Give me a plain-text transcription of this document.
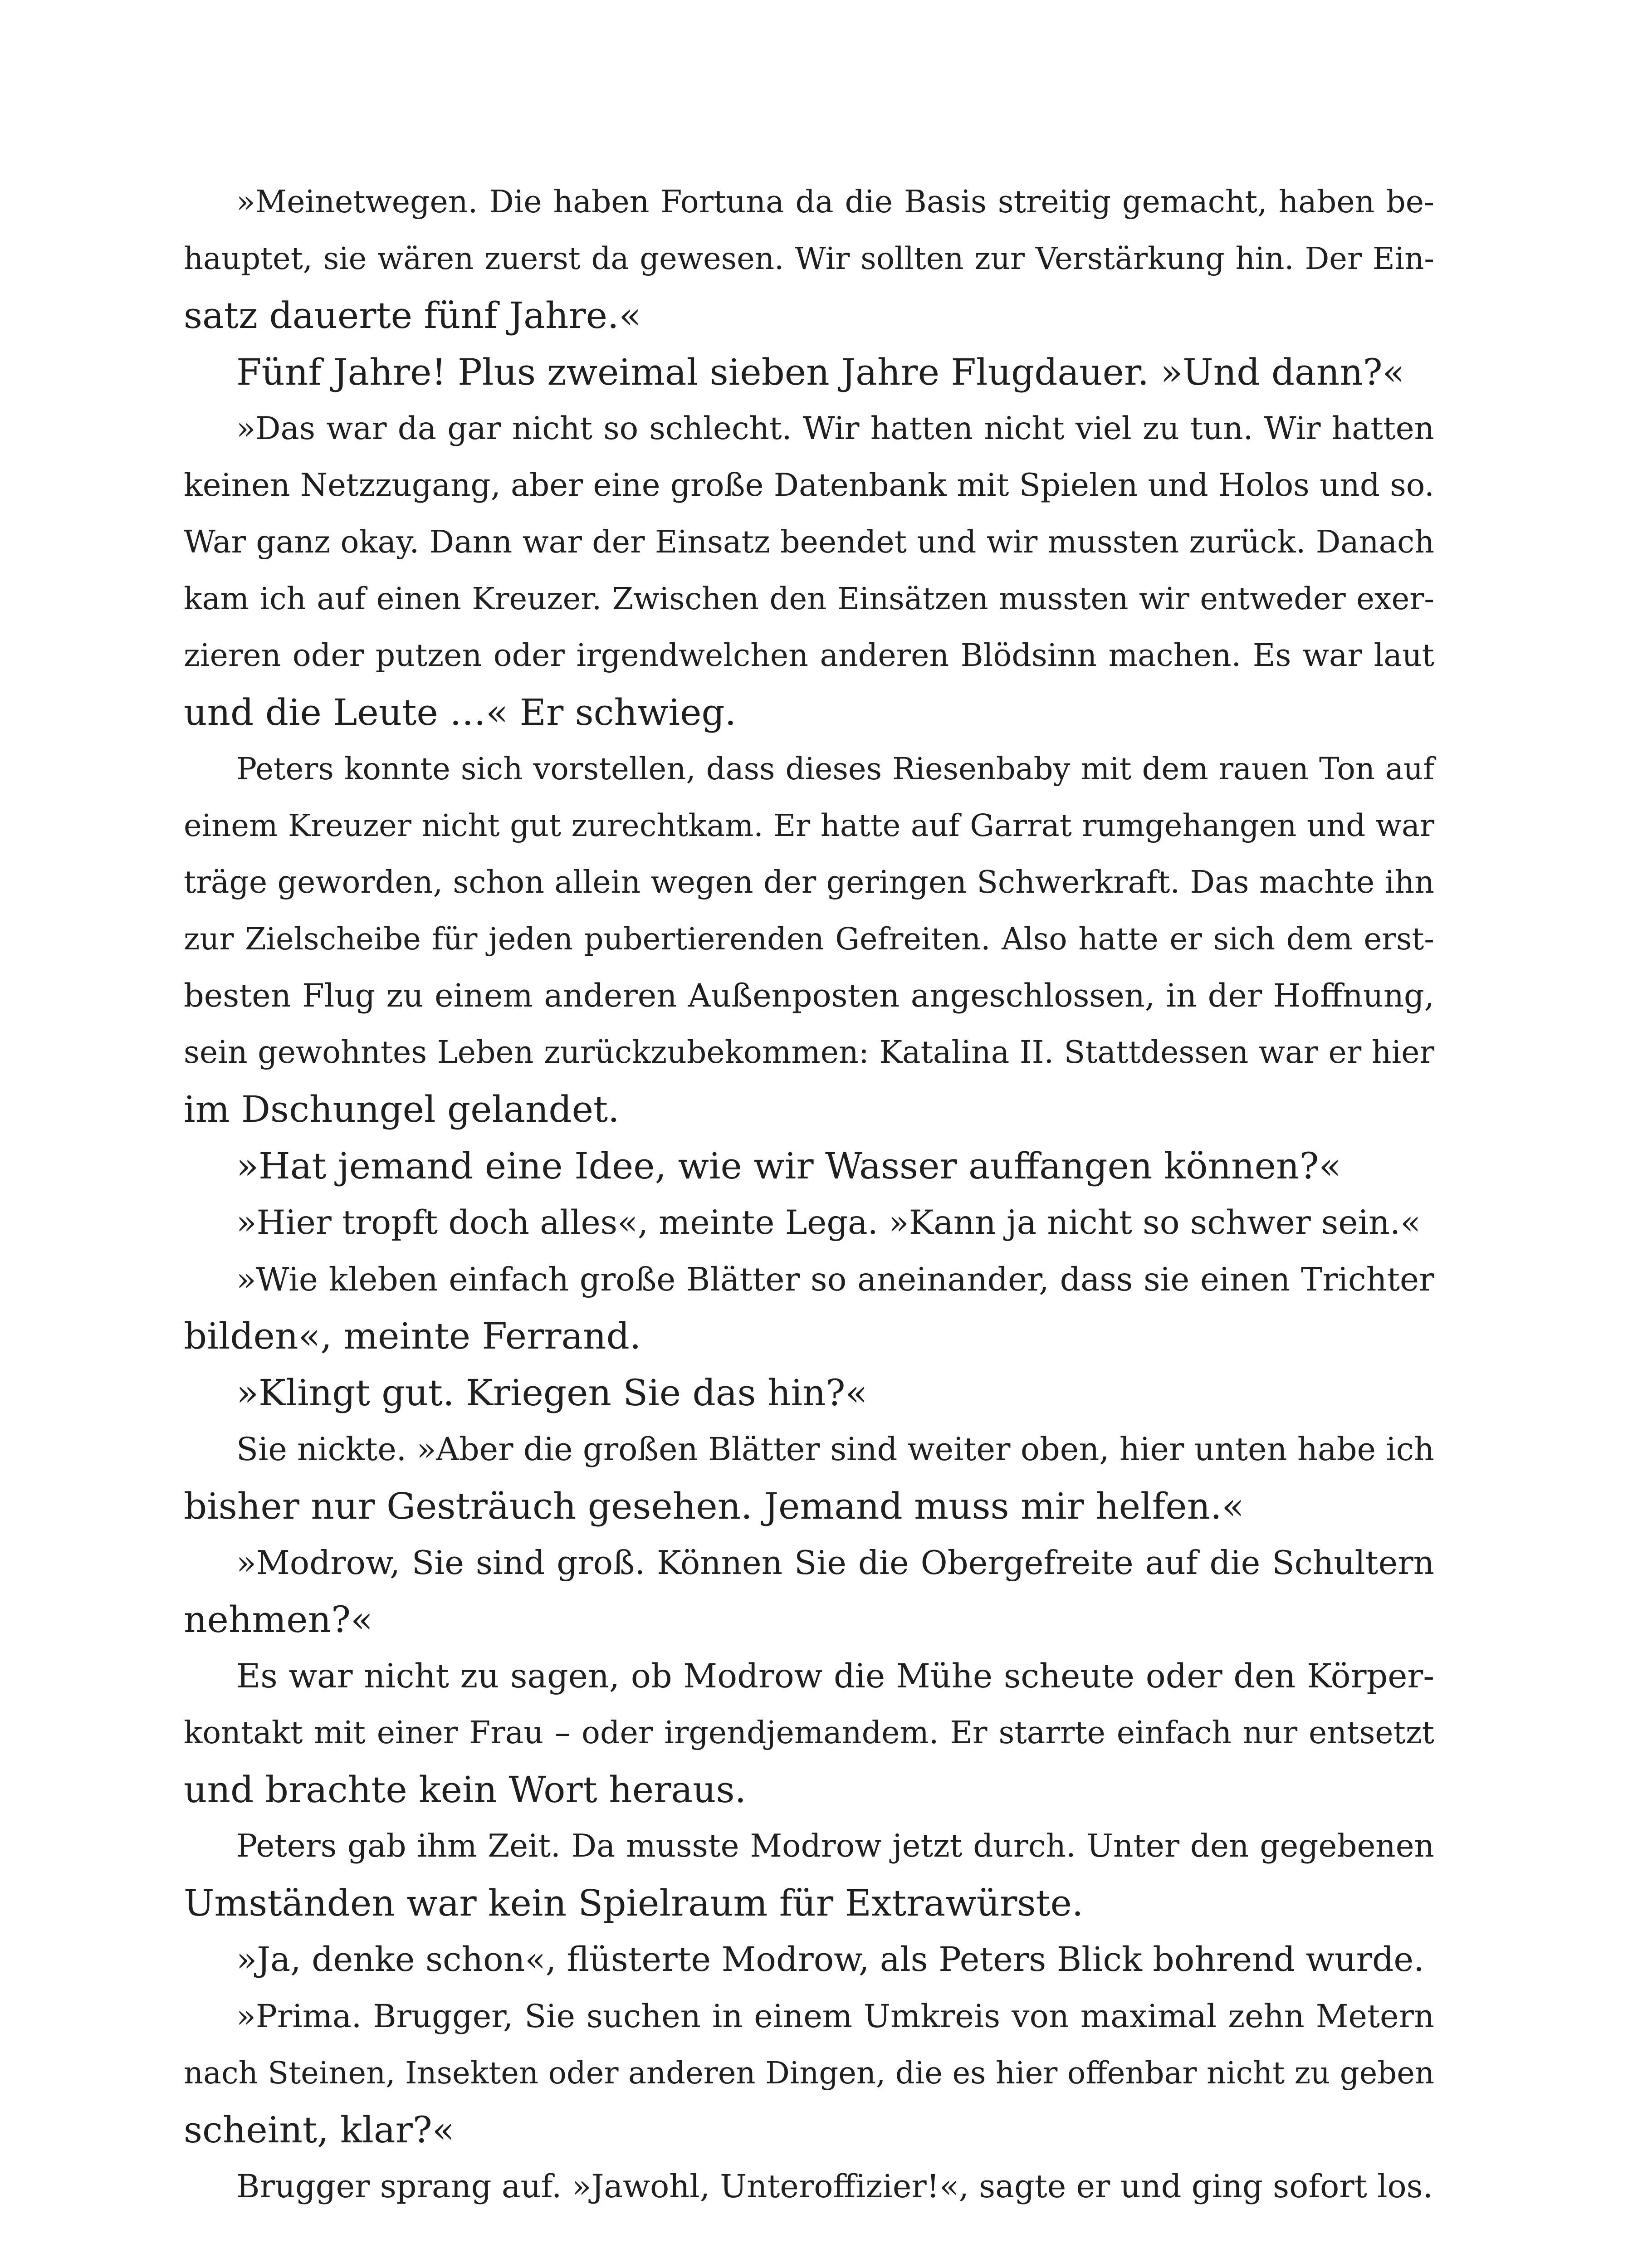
»Meinetwegen. Die haben Fortuna da die Basis streitig gemacht, haben be-
hauptet, sie wären zuerst da gewesen. Wir sollten zur Verstärkung hin. Der Ein-
satz dauerte fünf Jahre.«
Fünf Jahre! Plus zweimal sieben Jahre Flugdauer. »Und dann?«
»Das war da gar nicht so schlecht. Wir hatten nicht viel zu tun. Wir hatten
keinen Netzzugang, aber eine große Datenbank mit Spielen und Holos und so.
War ganz okay. Dann war der Einsatz beendet und wir mussten zurück. Danach
kam ich auf einen Kreuzer. Zwischen den Einsätzen mussten wir entweder exer-
zieren oder putzen oder irgendwelchen anderen Blödsinn machen. Es war laut
und die Leute …« Er schwieg.
Peters konnte sich vorstellen, dass dieses Riesenbaby mit dem rauen Ton auf
einem Kreuzer nicht gut zurechtkam. Er hatte auf Garrat rumgehangen und war
träge geworden, schon allein wegen der geringen Schwerkraft. Das machte ihn
zur Zielscheibe für jeden pubertierenden Gefreiten. Also hatte er sich dem erst-
besten Flug zu einem anderen Außenposten angeschlossen, in der Hoffnung,
sein gewohntes Leben zurückzubekommen: Katalina II. Stattdessen war er hier
im Dschungel gelandet.
»Hat jemand eine Idee, wie wir Wasser auffangen können?«
»Hier tropft doch alles«, meinte Lega. »Kann ja nicht so schwer sein.«
»Wie kleben einfach große Blätter so aneinander, dass sie einen Trichter
bilden«, meinte Ferrand.
»Klingt gut. Kriegen Sie das hin?«
Sie nickte. »Aber die großen Blätter sind weiter oben, hier unten habe ich
bisher nur Gesträuch gesehen. Jemand muss mir helfen.«
»Modrow, Sie sind groß. Können Sie die Obergefreite auf die Schultern
nehmen?«
Es war nicht zu sagen, ob Modrow die Mühe scheute oder den Körper-
kontakt mit einer Frau – oder irgendjemandem. Er starrte einfach nur entsetzt
und brachte kein Wort heraus.
Peters gab ihm Zeit. Da musste Modrow jetzt durch. Unter den gegebenen
Umständen war kein Spielraum für Extrawürste.
»Ja, denke schon«, flüsterte Modrow, als Peters Blick bohrend wurde.
»Prima. Brugger, Sie suchen in einem Umkreis von maximal zehn Metern
nach Steinen, Insekten oder anderen Dingen, die es hier offenbar nicht zu geben
scheint, klar?«
Brugger sprang auf. »Jawohl, Unteroffizier!«, sagte er und ging sofort los.
